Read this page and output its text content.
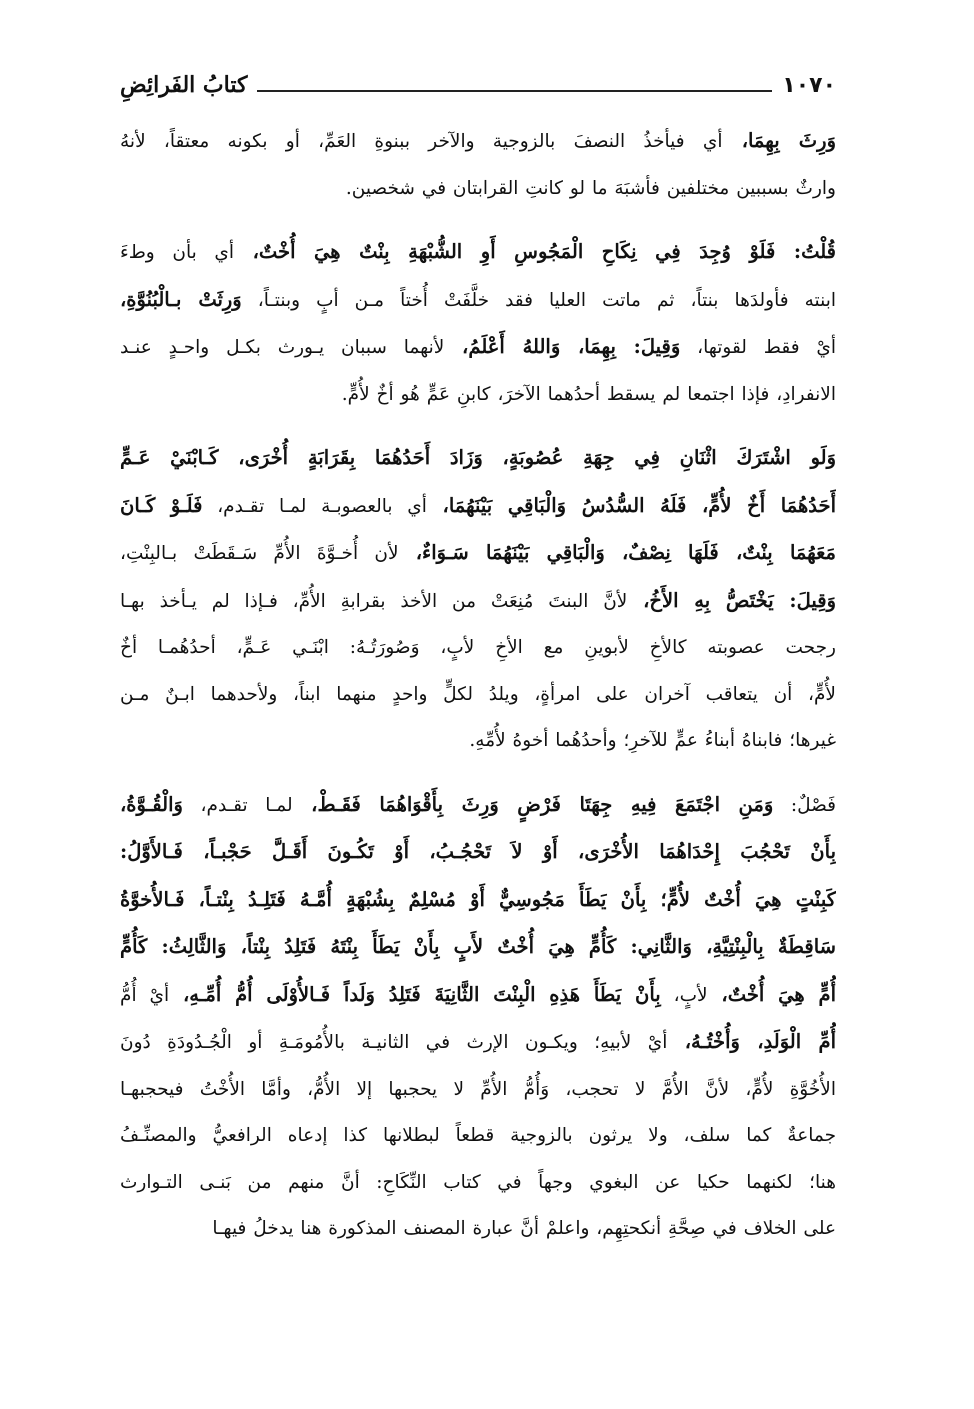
١٠٧٠
كتابُ الفَرائِضِ

وَرِثَ بِهِمَا، أي فيأخذُ النصفَ بالزوجية والآخر ببنوةِ العَمِّ، أو بكونه معتقاً، لأنهُ
وارثٌ بسببين مختلفين فأشبَهَ ما لو كانتِ القرابتان في شخصين.

قُلْتُ: فَلَوْ وُجِدَ فِي نِكَاحِ الْمَجُوسِ أَوِ الشُّبْهَةِ بِنْتٌ هِيَ أُخْتٌ، أي بأن وطءَ
ابنته فأولدَها بنتاً، ثم ماتت العليا فقد خلَّفَتْ أُختاً مـن أبٍ وبنتـاً، وَرِثَتْ بـالْبُنُوَّةِ،
أيْ فقط لقوتها، وَقِيلَ: بِهِمَا، وَاللهُ أَعْلَمُ، لأنهما سببان يـورث بكـل واحـدٍ عنـد
الانفرادِ، فإذا اجتمعا لم يسقط أحدُهما الآخرَ، كابنِ عَمٍّ هُو أخٌ لأُمٍّ.

وَلَو اشْتَرَكَ اثْنَانِ فِي جِهَةِ عُصُوبَةٍ، وَزَادَ أَحَدُهُمَا بِقَرَابَةٍ أُخْرَى، كَـابْنَيْ عَـمٍّ
أَحَدُهُمَا أَخٌ لأُمٍّ، فَلَهُ السُّدُسُ وَالْبَاقِي بَيْنَهُمَا، أي بالعصوبـة لمـا تقـدم، فَلَـوْ كَـانَ
مَعَهُمَا بِنْتٌ، فَلَهَا نِصْفٌ، وَالْبَاقِي بَيْنَهُمَا سَـوَاءٌ، لأن أُخـوَّةَ الأُمِّ سَـقَطَتْ بـالبِنْتِ،
وَقِيلَ: يَخْتَصُّ بِهِ الأَخُ، لأنَّ البنتَ مُنِعَتْ من الأخذ بقرابةِ الأُمِّ، فـإذا لم يـأخذ بهـا
رجحت عصوبته كالأخِ لأبوينِ مع الأخِ لأبٍ، وَصُورَتُـهُ: ابْنَـي عَـمٍّ، أحدُهُمـا أخٌ
لأُمٍّ، أن يتعاقب آخران على امرأةٍ، ويلدُ لكلٍّ واحدٍ منهما ابناً، ولأحدهما ابـنٌ مـن
غيرها؛ فابناهُ أبناءُ عمٍّ للآخرِ؛ وأحدُهُما أخوهُ لأُمِّهِ.

فَصْلٌ: وَمَنِ اجْتَمَعَ فِيهِ جِهَتَا فَرْضٍ وَرِثَ بِأَقْوَاهُمَا فَقَـطْ، لمـا تقـدم، وَالْقُـوَّةُ،
بِأَنْ تَحْجُبَ إِحْدَاهُمَا الأُخْرَى، أَوْ لاَ تَحْجُـبُ، أَوْ تَكُـونَ أَقَـلَّ حَجْبـاً، فَـالأَوَّلُ:
كَبِنْتٍ هِيَ أُخْتٌ لأُمٍّ؛ بِأَنْ يَطَأَ مَجُوسِيٌّ أَوْ مُسْلِمٌ بِشُبْهَةٍ أُمَّـهُ فَتَلِـدُ بِنْتـاً، فَـالأُخوَّةُ
سَاقِطَةٌ بِالْبِنْتِيَّةِ، وَالثَّانِي: كَأُمٍّ هِيَ أُخْتٌ لأَبٍ بِأَنْ يَطَأَ بِنْتَهُ فَتَلِدُ بِنْتاً، وَالثَّالِثُ: كَأُمٍّ
أُمٍّ هِيَ أُخْتٌ، لأبٍ، بِأَنْ يَطَأَ هَذِهِ الْبِنْتَ الثَّانِيَةَ فَتَلِدُ وَلَداً فَـالأُوْلَى أُمُّ أُمِّـهِ، أيْ أُمُّ
أُمِّ الْوَلَدِ، وَأُخْتُـهُ، أيْ لأبيهِ؛ ويكـون الإرث في الثانيـة بالأُمُومَـةِ أو الْجُـدُودَةِ دُونَ
الأُخُوَّةِ لأُمٍّ، لأنَّ الأُمَّ لا تحجب، وَأُمُّ الأُمِّ لا يحجبها إلا الأُمُّ، وأمَّا الأُخْتُ فيحجبهـا
جماعةٌ كما سلف، ولا يرثون بالزوجية قطعاً لبطلانها كذا إدعاه الرافعيُّ والمصنِّـفُ
هنا؛ لكنهما حكيا عن البغوي وجهاً في كتاب النِّكَاحِ: أنَّ منهم من بَنـى التـوارث
على الخلاف في صِحَّةِ أنكحتِهِم، واعلمْ أنَّ عبارة المصنف المذكورة هنا يدخلُ فيهـا
